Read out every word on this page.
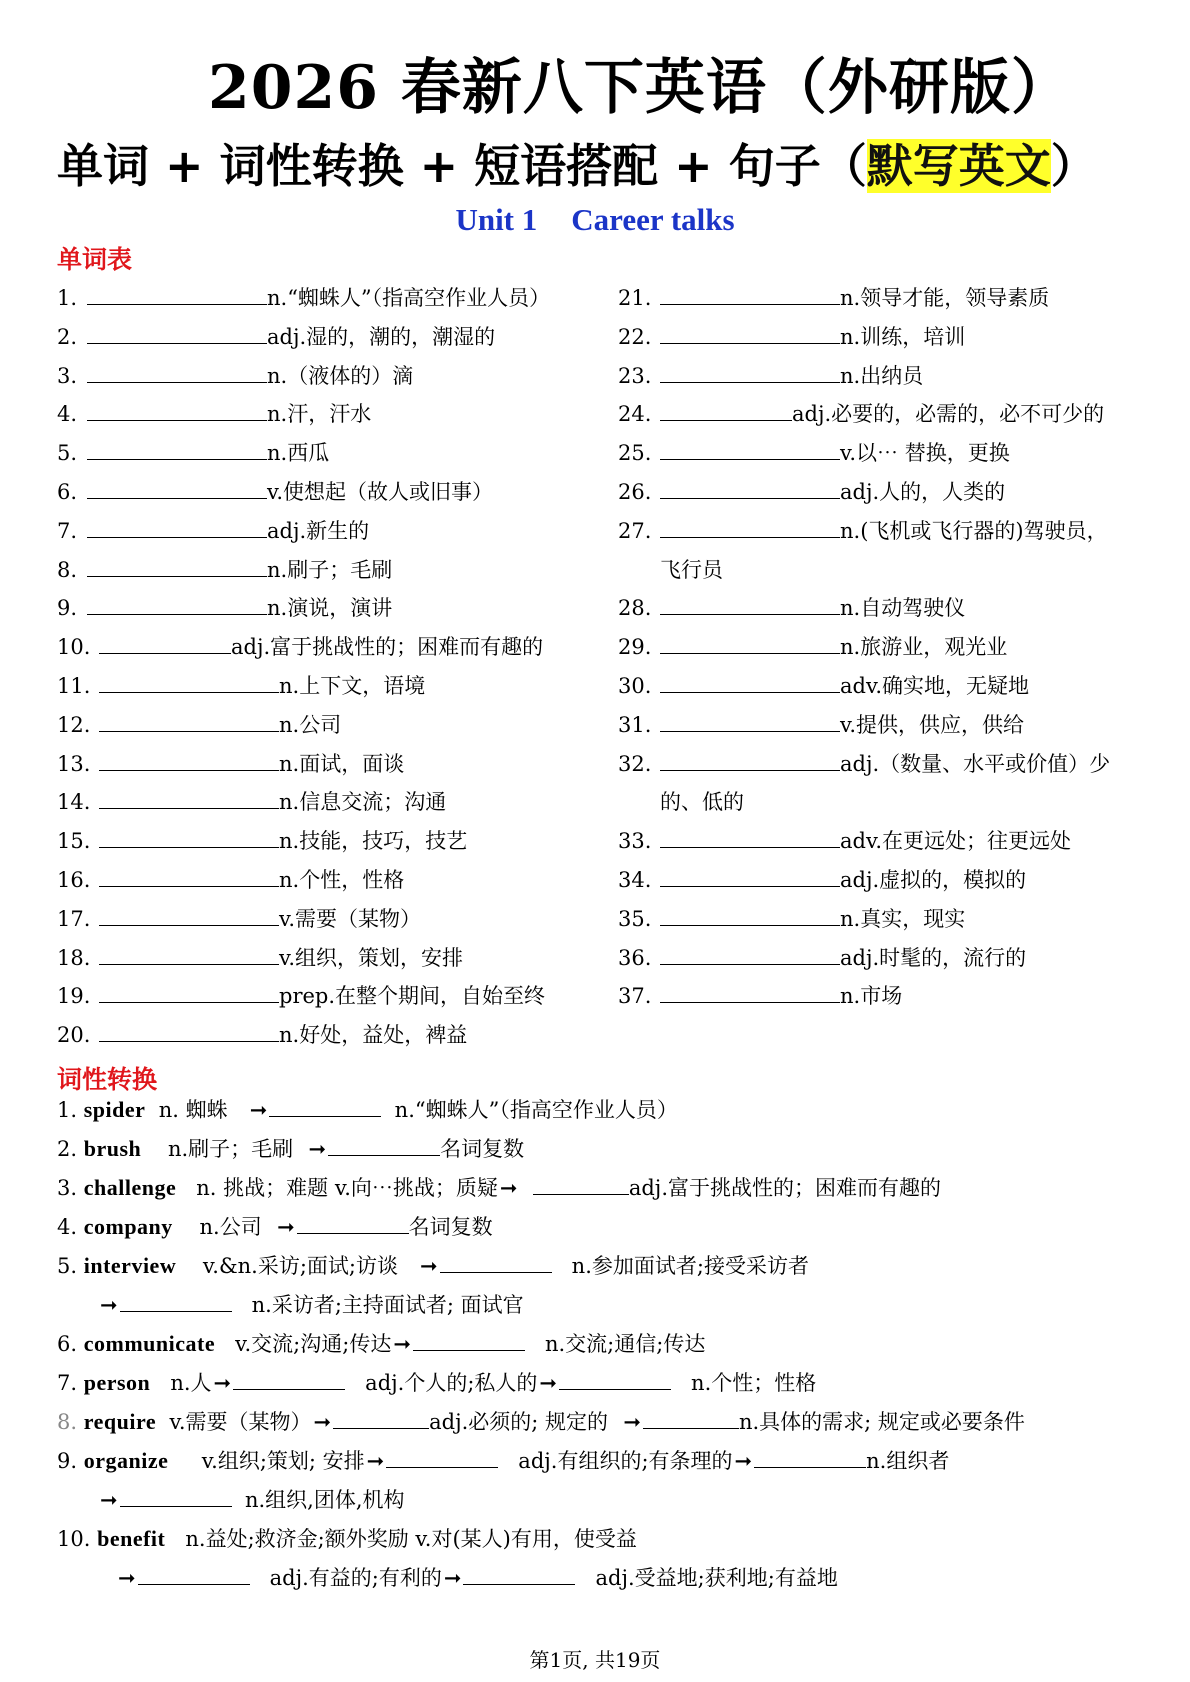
2026 春新八下英语（外研版）
单词 + 词性转换 + 短语搭配 + 句子（默写英文）
Unit 1 Career talks
单词表
1.	n.“蜘蛛人”（指高空作业人员）
2.	adj.湿的，潮的，潮湿的
3.	n.（液体的）滴
4.	n.汗，汗水
5.	n.西瓜
6.	v.使想起（故人或旧事）
7.	adj.新生的
8.	n.刷子；毛刷
9.	n.演说，演讲
10.	adj.富于挑战性的；困难而有趣的
11.	n.上下文，语境
12.	n.公司
13.	n.面试，面谈
14.	n.信息交流；沟通
15.	n.技能，技巧，技艺
16.	n.个性，性格
17.	v.需要（某物）
18.	v.组织，策划，安排
19.	prep.在整个期间，自始至终
20.	n.好处，益处，裨益
21.	n.领导才能，领导素质
22.	n.训练，培训
23.	n.出纳员
24.	adj.必要的，必需的，必不可少的
25.	v.以⋯ 替换，更换
26.	adj.人的，人类的
27.	n.(飞机或飞行器的)驾驶员，
飞行员
28.	n.自动驾驶仪
29.	n.旅游业，观光业
30.	adv.确实地，无疑地
31.	v.提供，供应，供给
32.	adj.（数量、水平或价值）少
的、低的
33.	adv.在更远处；往更远处
34.	adj.虚拟的，模拟的
35.	n.真实，现实
36.	adj.时髦的，流行的
37.	n.市场
词性转换
1. spider n. 蜘蛛 ➞	n.“蜘蛛人”（指高空作业人员）
2. brush n.刷子；毛刷 ➞	名词复数
3. challenge n. 挑战；难题 v.向⋯挑战；质疑➞	adj.富于挑战性的；困难而有趣的
4. company n.公司 ➞	名词复数
5. interview v.&n.采访;面试;访谈 ➞	n.参加面试者;接受采访者
➞	n.采访者;主持面试者; 面试官
6. communicate v.交流;沟通;传达➞	n.交流;通信;传达
7. person n.人➞	adj.个人的;私人的➞	n.个性；性格
8. require v.需要（某物）➞	adj.必须的; 规定的 ➞	n.具体的需求; 规定或必要条件
9. organize v.组织;策划; 安排➞	adj.有组织的;有条理的➞	n.组织者
➞	n.组织,团体,机构
10. benefit n.益处;救济金;额外奖励 v.对(某人)有用，使受益
➞	adj.有益的;有利的➞	adj.受益地;获利地;有益地
第1页, 共19页
